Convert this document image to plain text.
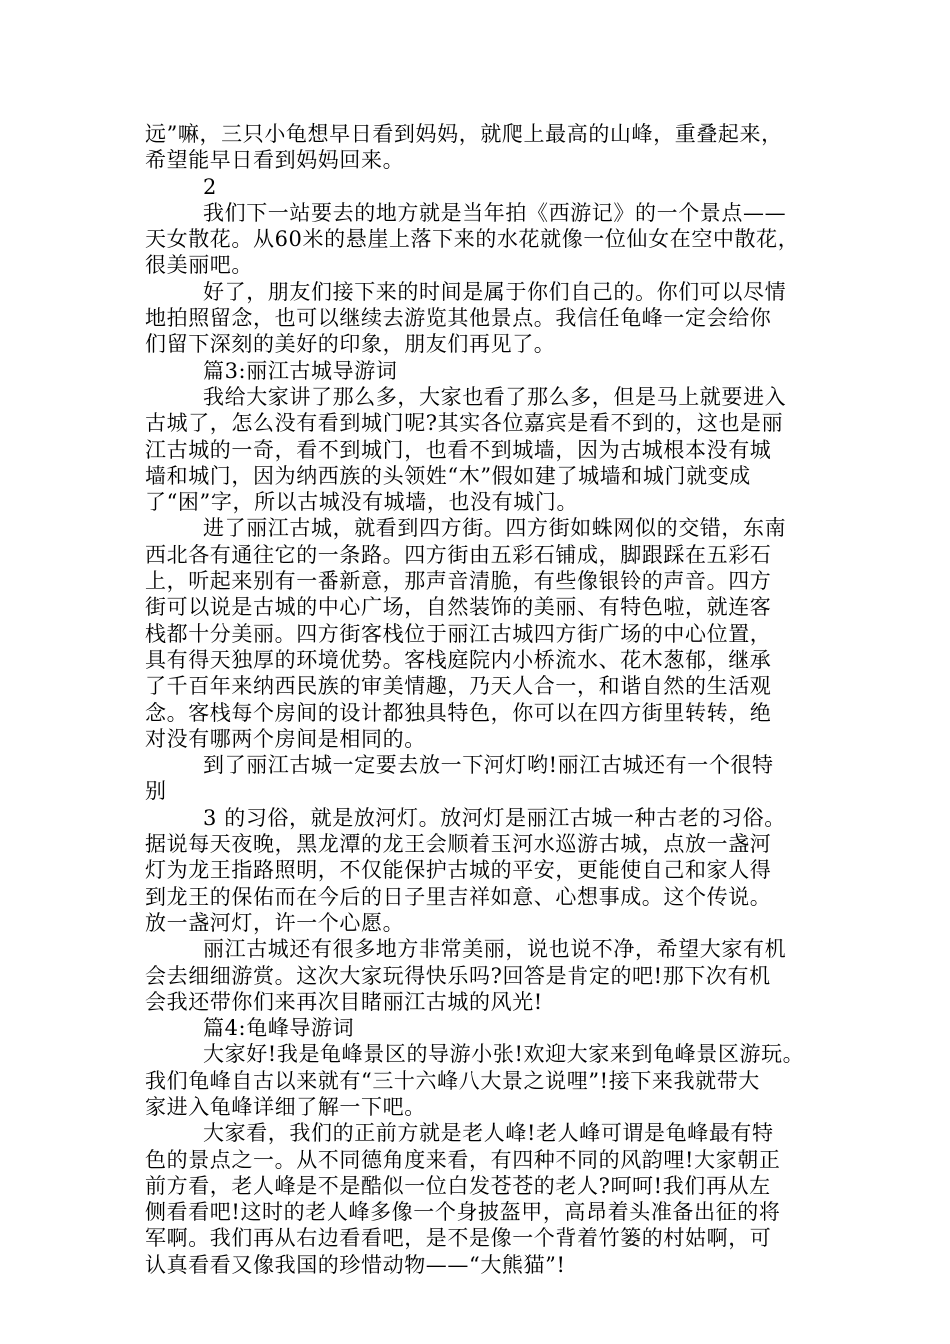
远”嘛，三只小龟想早日看到妈妈，就爬上最高的山峰，重叠起来，
希望能早日看到妈妈回来。
2
我们下一站要去的地方就是当年拍《西游记》的一个景点——
天女散花。从60米的悬崖上落下来的水花就像一位仙女在空中散花，
很美丽吧。
好了，朋友们接下来的时间是属于你们自己的。你们可以尽情
地拍照留念，也可以继续去游览其他景点。我信任龟峰一定会给你
们留下深刻的美好的印象，朋友们再见了。
篇3:丽江古城导游词
我给大家讲了那么多，大家也看了那么多，但是马上就要进入
古城了，怎么没有看到城门呢?其实各位嘉宾是看不到的，这也是丽
江古城的一奇，看不到城门，也看不到城墙，因为古城根本没有城
墙和城门，因为纳西族的头领姓“木”假如建了城墙和城门就变成
了“困”字，所以古城没有城墙，也没有城门。
进了丽江古城，就看到四方街。四方街如蛛网似的交错，东南
西北各有通往它的一条路。四方街由五彩石铺成，脚跟踩在五彩石
上，听起来别有一番新意，那声音清脆，有些像银铃的声音。四方
街可以说是古城的中心广场，自然装饰的美丽、有特色啦，就连客
栈都十分美丽。四方街客栈位于丽江古城四方街广场的中心位置，
具有得天独厚的环境优势。客栈庭院内小桥流水、花木葱郁，继承
了千百年来纳西民族的审美情趣，乃天人合一，和谐自然的生活观
念。客栈每个房间的设计都独具特色，你可以在四方街里转转，绝
对没有哪两个房间是相同的。
到了丽江古城一定要去放一下河灯哟!丽江古城还有一个很特
别
3 的习俗，就是放河灯。放河灯是丽江古城一种古老的习俗。
据说每天夜晚，黑龙潭的龙王会顺着玉河水巡游古城，点放一盏河
灯为龙王指路照明，不仅能保护古城的平安，更能使自己和家人得
到龙王的保佑而在今后的日子里吉祥如意、心想事成。这个传说。
放一盏河灯，许一个心愿。
丽江古城还有很多地方非常美丽，说也说不净，希望大家有机
会去细细游赏。这次大家玩得快乐吗?回答是肯定的吧!那下次有机
会我还带你们来再次目睹丽江古城的风光!
篇4:龟峰导游词
大家好!我是龟峰景区的导游小张!欢迎大家来到龟峰景区游玩。
我们龟峰自古以来就有“三十六峰八大景之说哩”!接下来我就带大
家进入龟峰详细了解一下吧。
大家看，我们的正前方就是老人峰!老人峰可谓是龟峰最有特
色的景点之一。从不同德角度来看，有四种不同的风韵哩!大家朝正
前方看，老人峰是不是酷似一位白发苍苍的老人?呵呵!我们再从左
侧看看吧!这时的老人峰多像一个身披盔甲，高昂着头准备出征的将
军啊。我们再从右边看看吧，是不是像一个背着竹篓的村姑啊，可
认真看看又像我国的珍惜动物——“大熊猫”!
